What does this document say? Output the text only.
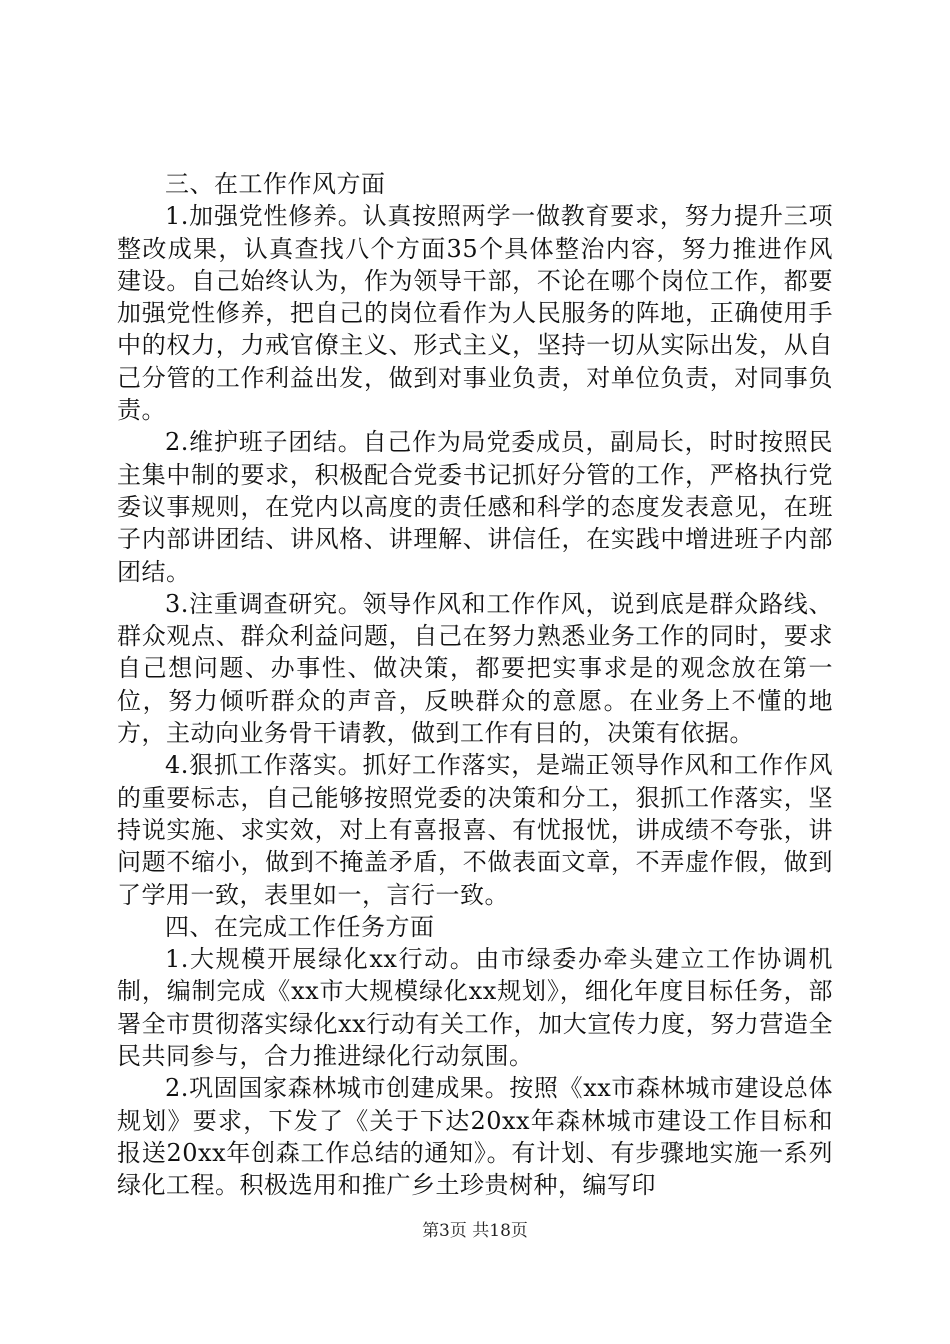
三、在工作作风方面

1.加强党性修养。认真按照两学一做教育要求，努力提升三项整改成果，认真查找八个方面35个具体整治内容，努力推进作风建设。自己始终认为，作为领导干部，不论在哪个岗位工作，都要加强党性修养，把自己的岗位看作为人民服务的阵地，正确使用手中的权力，力戒官僚主义、形式主义，坚持一切从实际出发，从自己分管的工作利益出发，做到对事业负责，对单位负责，对同事负责。

2.维护班子团结。自己作为局党委成员，副局长，时时按照民主集中制的要求，积极配合党委书记抓好分管的工作，严格执行党委议事规则，在党内以高度的责任感和科学的态度发表意见，在班子内部讲团结、讲风格、讲理解、讲信任，在实践中增进班子内部团结。

3.注重调查研究。领导作风和工作作风，说到底是群众路线、群众观点、群众利益问题，自己在努力熟悉业务工作的同时，要求自己想问题、办事性、做决策，都要把实事求是的观念放在第一位，努力倾听群众的声音，反映群众的意愿。在业务上不懂的地方，主动向业务骨干请教，做到工作有目的，决策有依据。

4.狠抓工作落实。抓好工作落实，是端正领导作风和工作作风的重要标志，自己能够按照党委的决策和分工，狠抓工作落实，坚持说实施、求实效，对上有喜报喜、有忧报忧，讲成绩不夸张，讲问题不缩小，做到不掩盖矛盾，不做表面文章，不弄虚作假，做到了学用一致，表里如一，言行一致。

四、在完成工作任务方面

1.大规模开展绿化xx行动。由市绿委办牵头建立工作协调机制，编制完成《xx市大规模绿化xx规划》，细化年度目标任务，部署全市贯彻落实绿化xx行动有关工作，加大宣传力度，努力营造全民共同参与，合力推进绿化行动氛围。

2.巩固国家森林城市创建成果。按照《xx市森林城市建设总体规划》要求，下发了《关于下达20xx年森林城市建设工作目标和报送20xx年创森工作总结的通知》。有计划、有步骤地实施一系列绿化工程。积极选用和推广乡土珍贵树种，编写印

第3页 共18页
